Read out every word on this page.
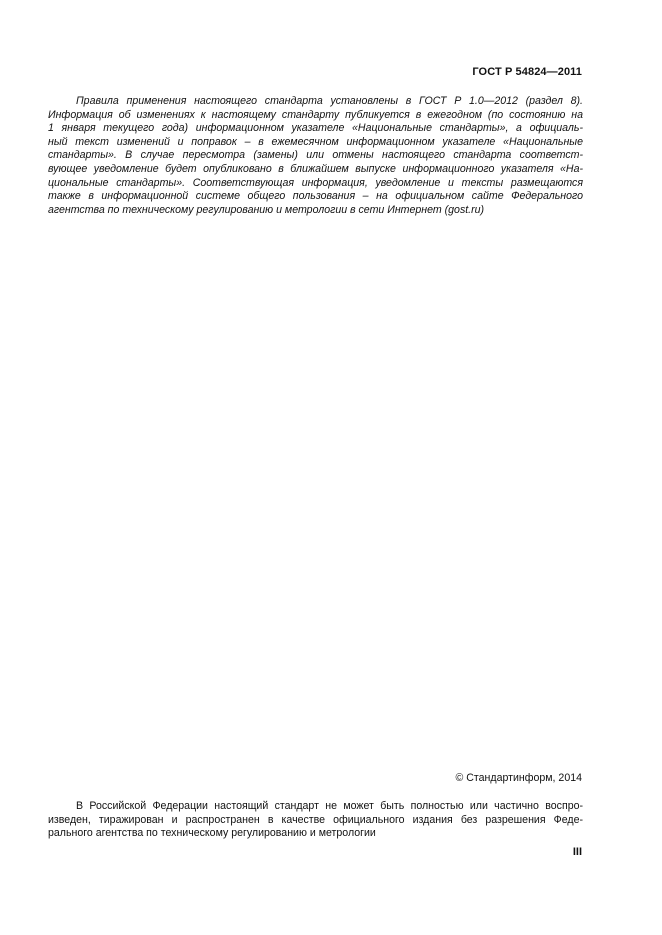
ГОСТ Р 54824—2011

Правила применения настоящего стандарта установлены в ГОСТ Р 1.0—2012 (раздел 8).
Информация об изменениях к настоящему стандарту публикуется в ежегодном (по состоянию на
1 января текущего года) информационном указателе «Национальные стандарты», а официаль-
ный текст изменений и поправок – в ежемесячном информационном указателе «Национальные
стандарты». В случае пересмотра (замены) или отмены настоящего стандарта соответст-
вующее уведомление будет опубликовано в ближайшем выпуске информационного указателя «На-
циональные стандарты». Соответствующая информация, уведомление и тексты размещаются
также в информационной системе общего пользования – на официальном сайте Федерального
агентства по техническому регулированию и метрологии в сети Интернет (gost.ru)

© Стандартинформ, 2014

В Российской Федерации настоящий стандарт не может быть полностью или частично воспро-
изведен, тиражирован и распространен в качестве официального издания без разрешения Феде-
рального агентства по техническому регулированию и метрологии

III
